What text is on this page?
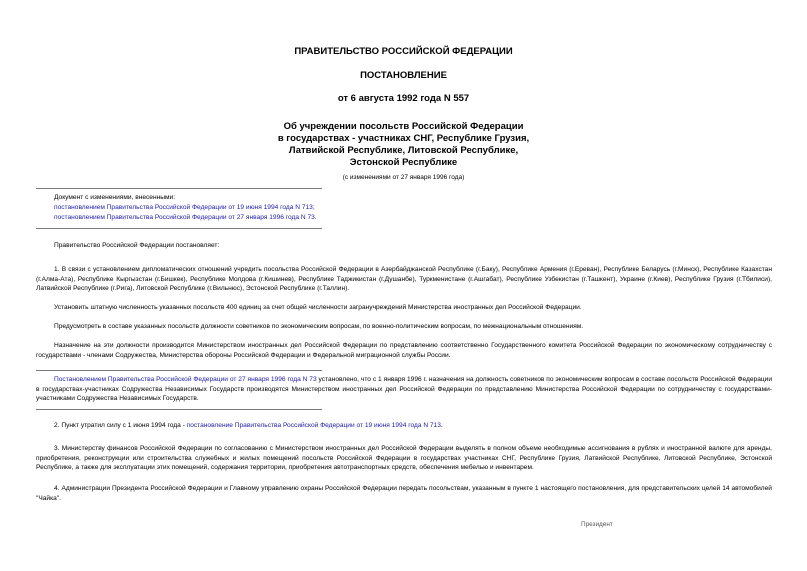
ПРАВИТЕЛЬСТВО РОССИЙСКОЙ ФЕДЕРАЦИИ
ПОСТАНОВЛЕНИЕ
от 6 августа 1992 года N 557
Об учреждении посольств Российской Федерации
в государствах - участниках СНГ, Республике Грузия,
Латвийской Республике, Литовской Республике,
Эстонской Республике
(с изменениями от 27 января 1996 года)
Документ с изменениями, внесенными:
постановлением Правительства Российской Федерации от 19 июня 1994 года N 713;
постановлением Правительства Российской Федерации от 27 января 1996 года N 73.

Правительство Российской Федерации постановляет:

1. В связи с установлением дипломатических отношений учредить посольства Российской Федерации в Азербайджанской Республике (г.Баку), Республике Армения (г.Ереван), Республике Беларусь (г.Минск), Республике Казахстан (г.Алма-Ата), Республике Кыргызстан (г.Бишкек), Республике Молдова (г.Кишинев), Республике Таджикистан (г.Душанбе), Туркменистане (г.Ашгабат), Республике Узбекистан (г.Ташкент), Украине (г.Киев), Республике Грузия (г.Тбилиси), Латвийской Республике (г.Рига), Литовской Республике (г.Вильнюс), Эстонской Республике (г.Таллин).

Установить штатную численность указанных посольств 400 единиц за счет общей численности загранучреждений Министерства иностранных дел Российской Федерации.

Предусмотреть в составе указанных посольств должности советников по экономическим вопросам, по военно-политическим вопросам, по межнациональным отношениям.

Назначение на эти должности производится Министерством иностранных дел Российской Федерации по представлению соответственно Государственного комитета Российской Федерации по экономическому сотрудничеству с государствами - членами Содружества, Министерства обороны Российской Федерации и Федеральной миграционной службы России.

Постановлением Правительства Российской Федерации от 27 января 1996 года N 73 установлено, что с 1 января 1996 г. назначения на должность советников по экономическим вопросам в составе посольств Российской Федерации в государствах-участниках Содружества Независимых Государств производятся Министерством иностранных дел Российской Федерации по представлению Министерства Российской Федерации по сотрудничеству с государствами-участниками Содружества Независимых Государств.

2. Пункт утратил силу с 1 июня 1994 года - постановление Правительства Российской Федерации от 19 июня 1994 года N 713.

3. Министерству финансов Российской Федерации по согласованию с Министерством иностранных дел Российской Федерации выделять в полном объеме необходимые ассигнования в рублях и иностранной валюте для аренды, приобретения, реконструкции или строительства служебных и жилых помещений посольств Российской Федерации в государствах участниках СНГ, Республике Грузия, Латвийской Республике, Литовской Республике, Эстонской Республике, а также для эксплуатации этих помещений, содержания территории, приобретения автотранспортных средств, обеспечения мебелью и инвентарем.

4. Администрации Президента Российской Федерации и Главному управлению охраны Российской Федерации передать посольствам, указанным в пункте 1 настоящего постановления, для представительских целей 14 автомобилей "Чайка".

Президент
